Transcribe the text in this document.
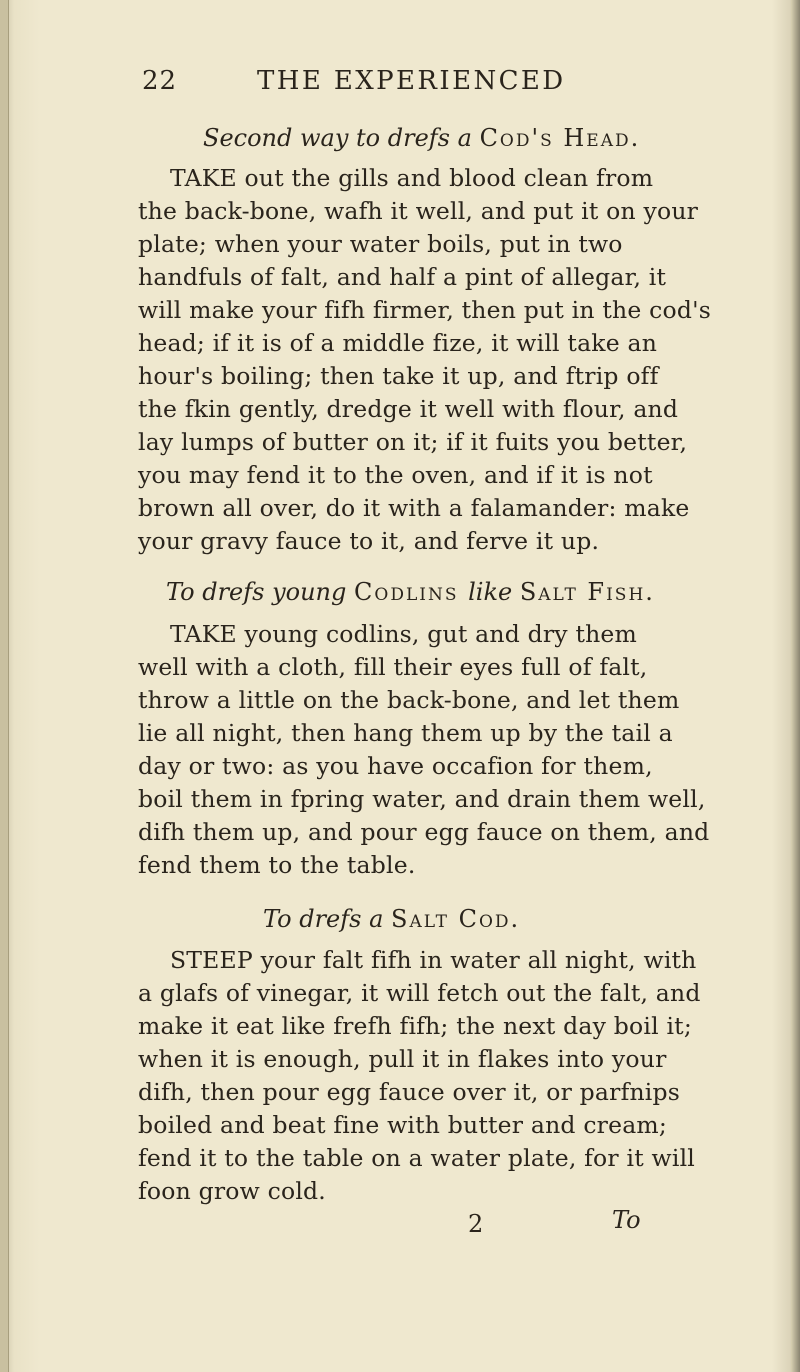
22	THE EXPERIENCED
Second way to drefs a Cod's Head.
TAKE out the gills and blood clean from
the back-bone, wafh it well, and put it on your
plate; when your water boils, put in two
handfuls of falt, and half a pint of allegar, it
will make your fifh firmer, then put in the cod's
head; if it is of a middle fize, it will take an
hour's boiling; then take it up, and ftrip off
the fkin gently, dredge it well with flour, and
lay lumps of butter on it; if it fuits you better,
you may fend it to the oven, and if it is not
brown all over, do it with a falamander: make
your gravy fauce to it, and ferve it up.
To drefs young Codlins like Salt Fish.
TAKE young codlins, gut and dry them
well with a cloth, fill their eyes full of falt,
throw a little on the back-bone, and let them
lie all night, then hang them up by the tail a
day or two: as you have occafion for them,
boil them in fpring water, and drain them well,
difh them up, and pour egg fauce on them, and
fend them to the table.
To drefs a Salt Cod.
STEEP your falt fifh in water all night, with
a glafs of vinegar, it will fetch out the falt, and
make it eat like frefh fifh; the next day boil it;
when it is enough, pull it in flakes into your
difh, then pour egg fauce over it, or parfnips
boiled and beat fine with butter and cream;
fend it to the table on a water plate, for it will
foon grow cold.
2	To
